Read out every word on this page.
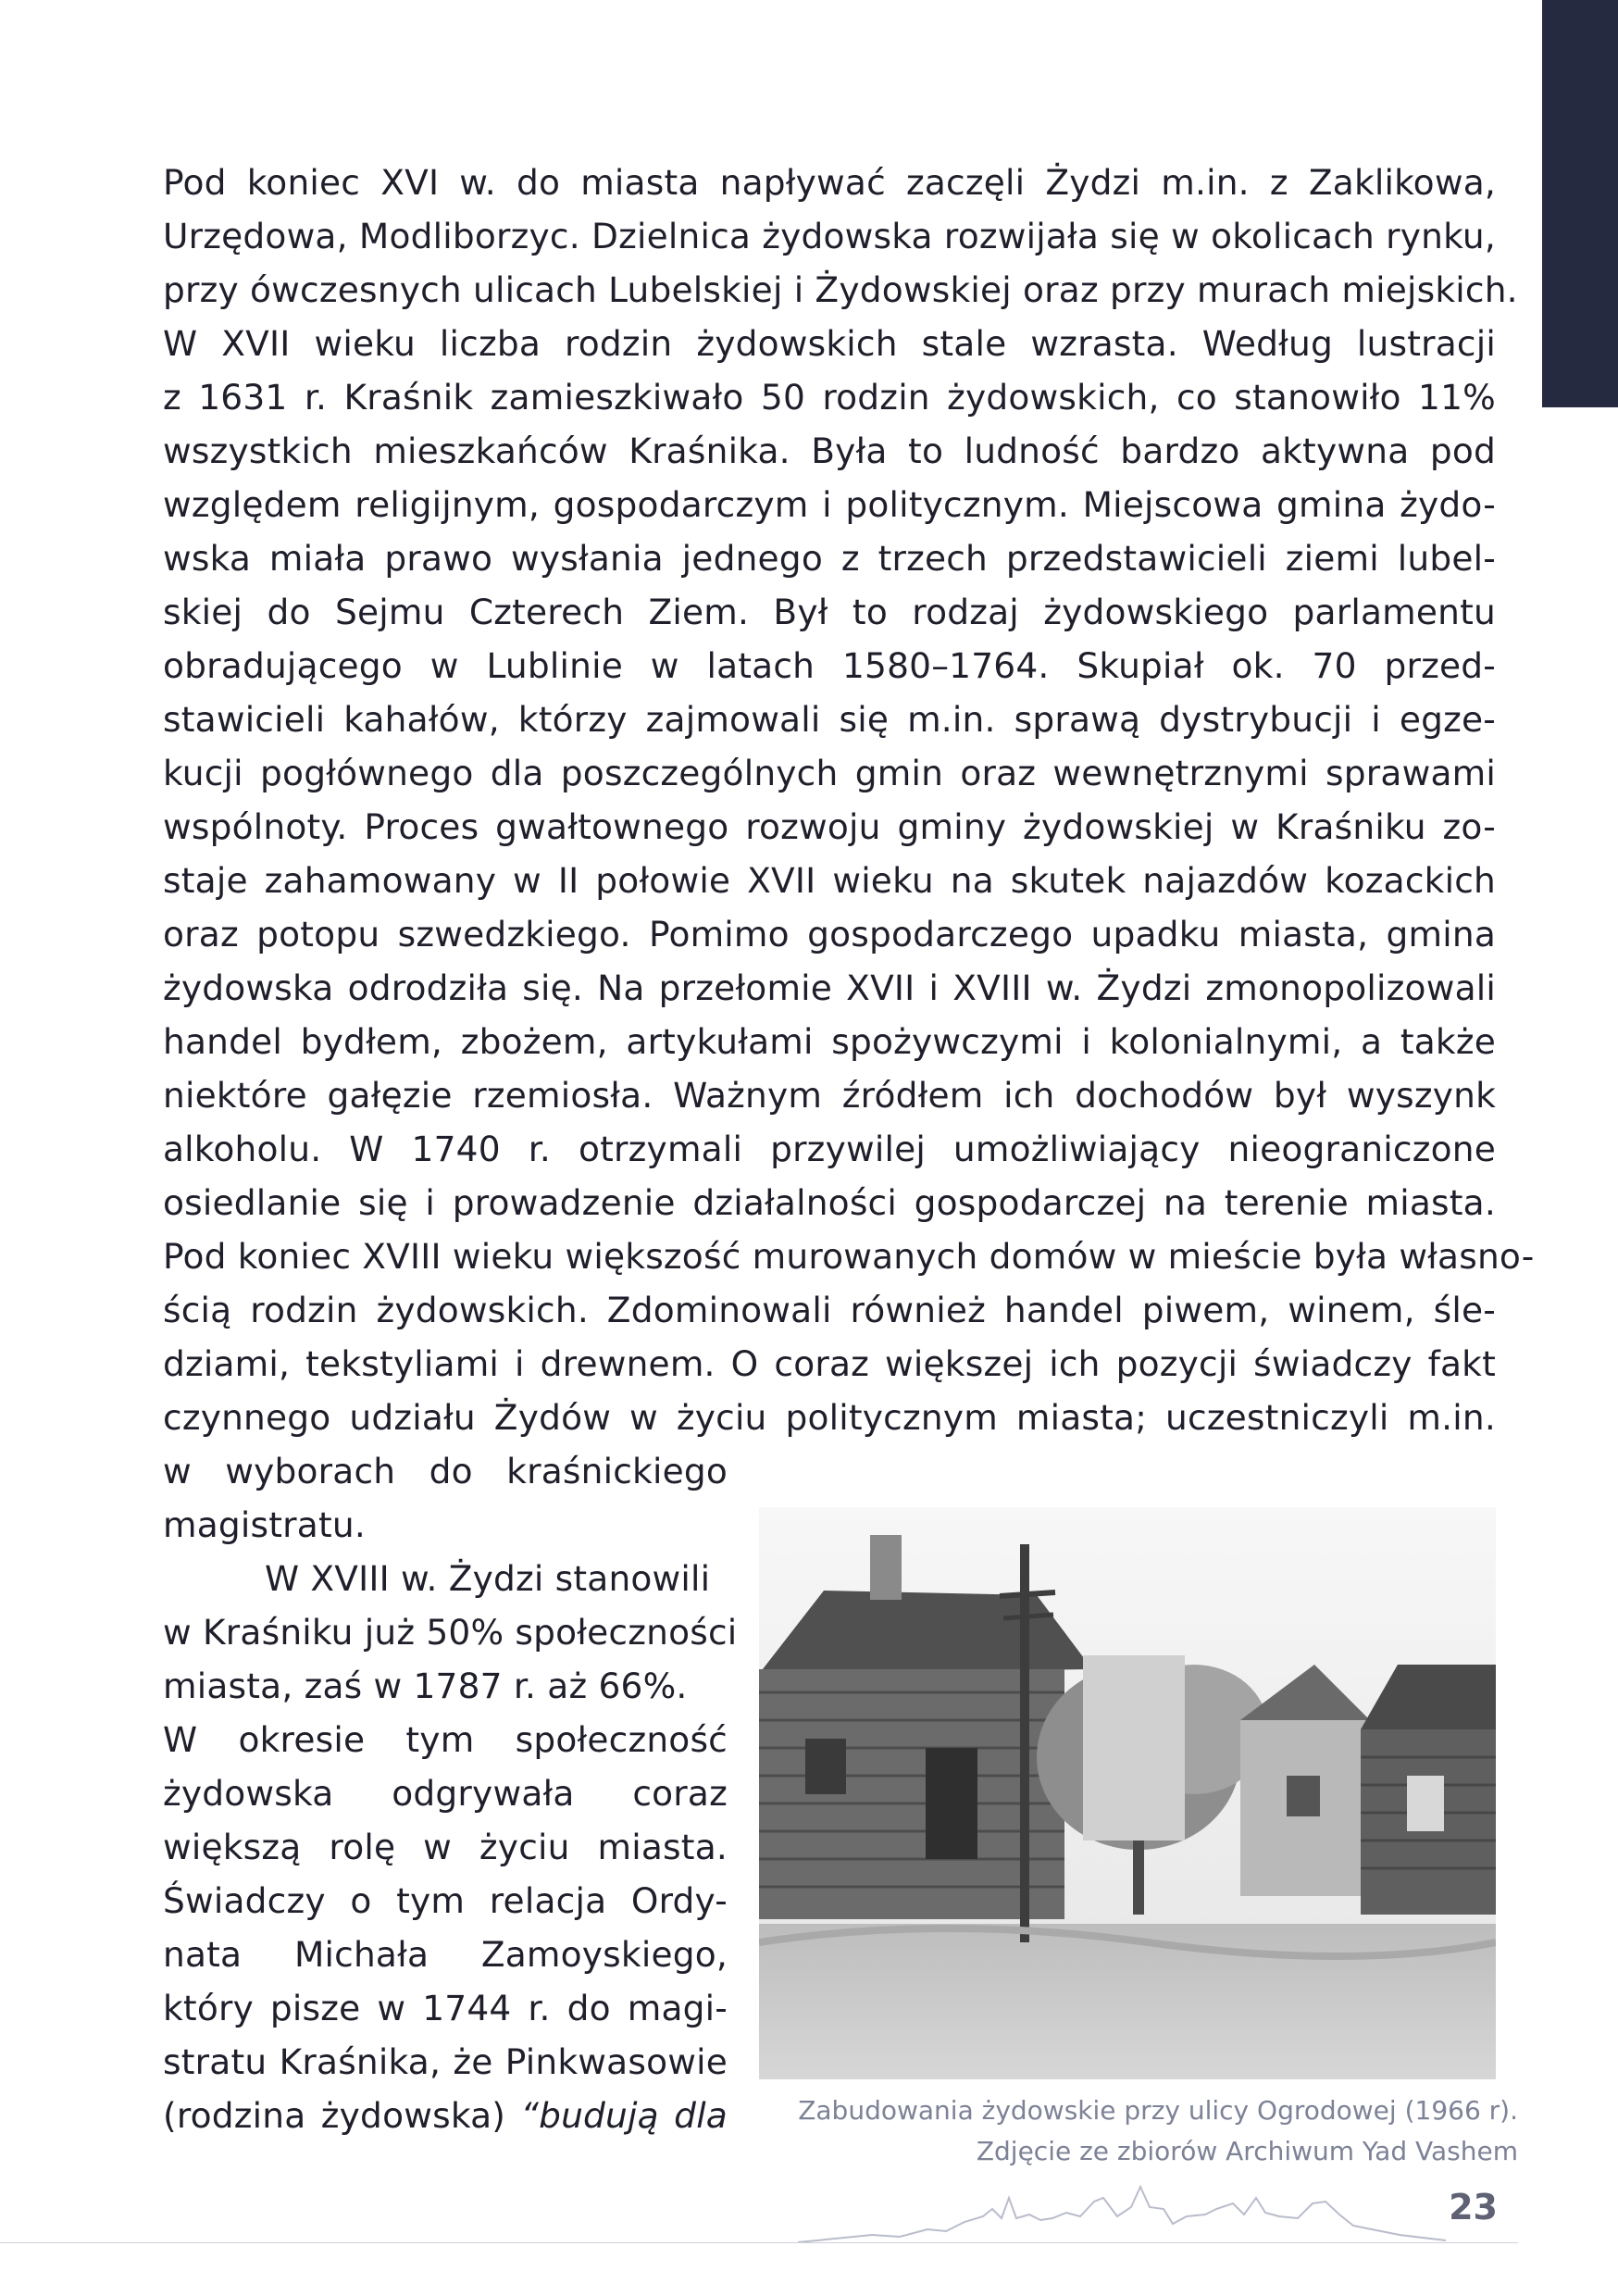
Pod koniec XVI w. do miasta napływać zaczęli Żydzi m.in. z Zaklikowa,
Urzędowa, Modliborzyc. Dzielnica żydowska rozwijała się w okolicach rynku,
przy ówczesnych ulicach Lubelskiej i Żydowskiej oraz przy murach miejskich.
W XVII wieku liczba rodzin żydowskich stale wzrasta. Według lustracji
z 1631 r. Kraśnik zamieszkiwało 50 rodzin żydowskich, co stanowiło 11%
wszystkich mieszkańców Kraśnika. Była to ludność bardzo aktywna pod
względem religijnym, gospodarczym i politycznym. Miejscowa gmina żydo-
wska miała prawo wysłania jednego z trzech przedstawicieli ziemi lubel-
skiej do Sejmu Czterech Ziem. Był to rodzaj żydowskiego parlamentu
obradującego w Lublinie w latach 1580–1764. Skupiał ok. 70 przed-
stawicieli kahałów, którzy zajmowali się m.in. sprawą dystrybucji i egze-
kucji pogłównego dla poszczególnych gmin oraz wewnętrznymi sprawami
wspólnoty. Proces gwałtownego rozwoju gminy żydowskiej w Kraśniku zo-
staje zahamowany w II połowie XVII wieku na skutek najazdów kozackich
oraz potopu szwedzkiego. Pomimo gospodarczego upadku miasta, gmina
żydowska odrodziła się. Na przełomie XVII i XVIII w. Żydzi zmonopolizowali
handel bydłem, zbożem, artykułami spożywczymi i kolonialnymi, a także
niektóre gałęzie rzemiosła. Ważnym źródłem ich dochodów był wyszynk
alkoholu. W 1740 r. otrzymali przywilej umożliwiający nieograniczone
osiedlanie się i prowadzenie działalności gospodarczej na terenie miasta.
Pod koniec XVIII wieku większość murowanych domów w mieście była własno-
ścią rodzin żydowskich. Zdominowali również handel piwem, winem, śle-
dziami, tekstyliami i drewnem. O coraz większej ich pozycji świadczy fakt
czynnego udziału Żydów w życiu politycznym miasta; uczestniczyli m.in.
w wyborach do kraśnickiego
magistratu.
W XVIII w. Żydzi stanowili
w Kraśniku już 50% społeczności
miasta, zaś w 1787 r. aż 66%.
W okresie tym społeczność
żydowska odgrywała coraz
większą rolę w życiu miasta.
Świadczy o tym relacja Ordy-
nata Michała Zamoyskiego,
który pisze w 1744 r. do magi-
stratu Kraśnika, że Pinkwasowie
(rodzina żydowska) “budują dla	Zabudowania żydowskie przy ulicy Ogrodowej (1966 r).
Zdjęcie ze zbiorów Archiwum Yad Vashem
23
